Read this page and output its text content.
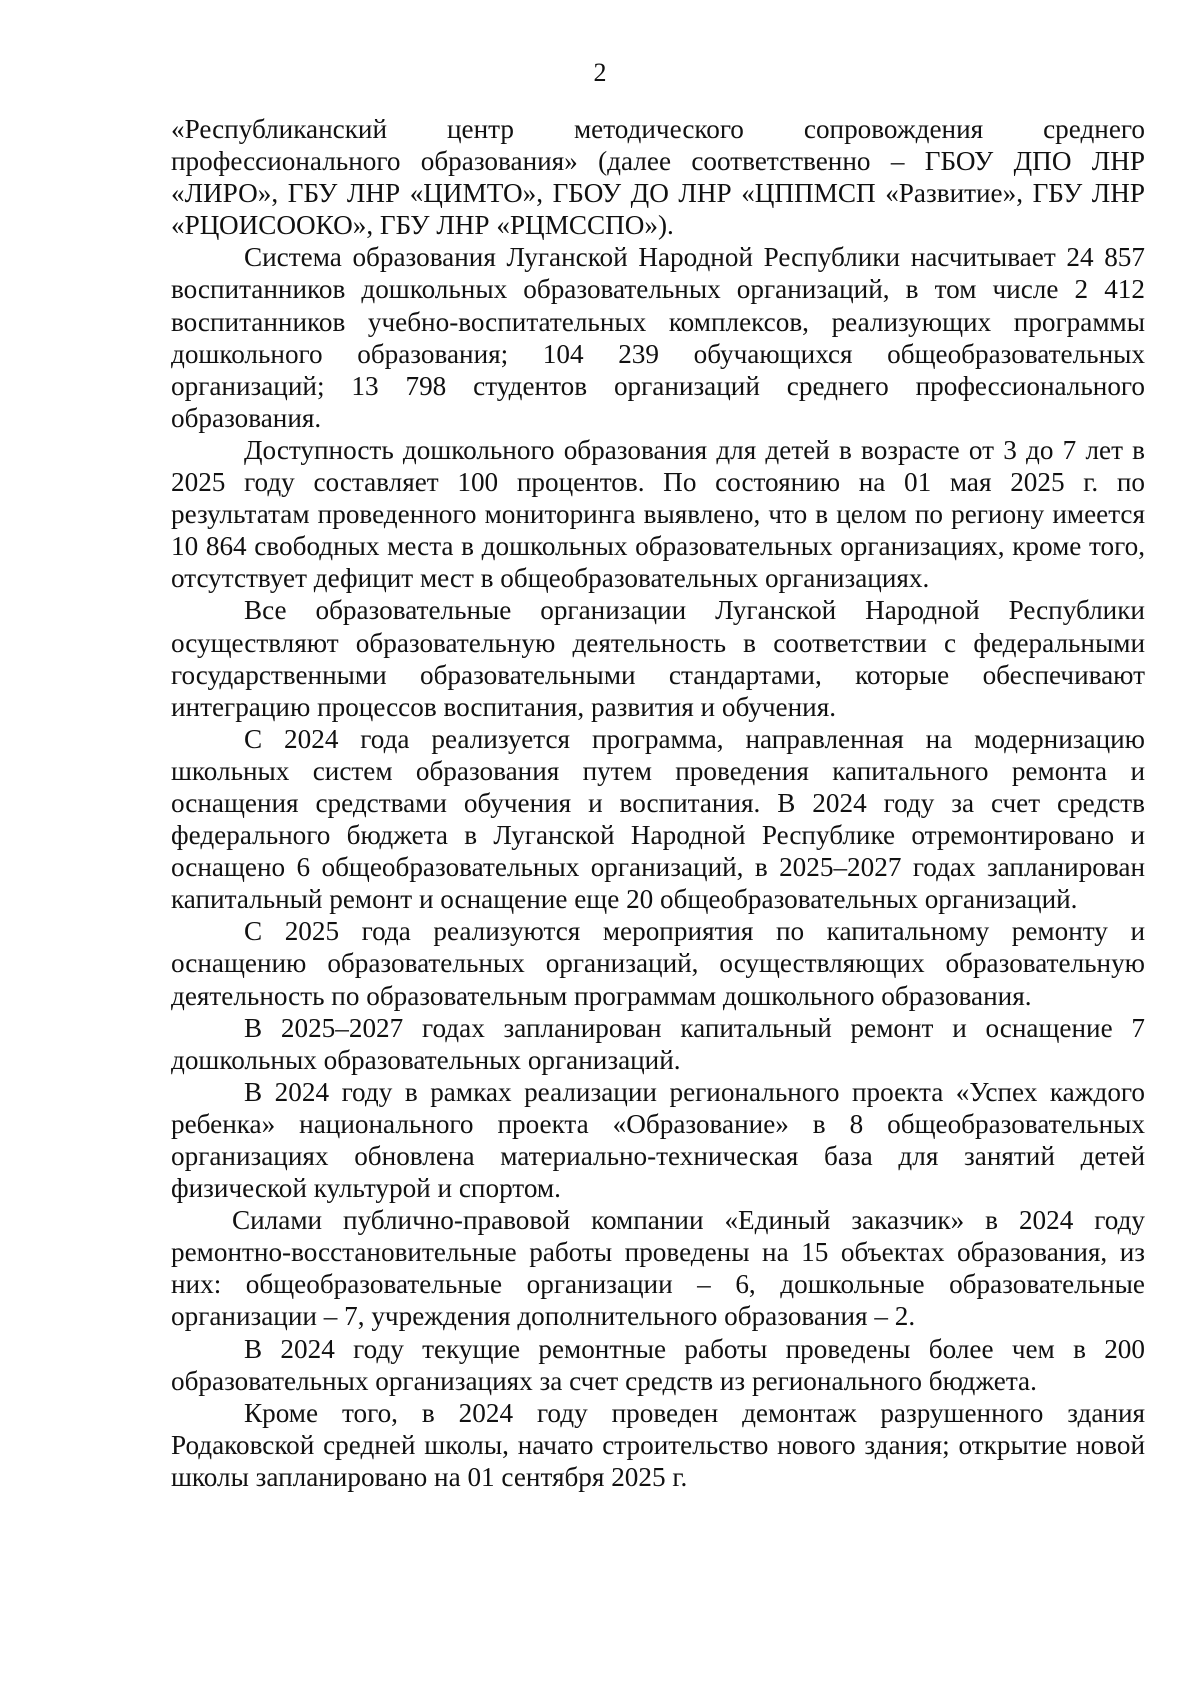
2

«Республиканский центр методического сопровождения среднего профессионального образования» (далее соответственно – ГБОУ ДПО ЛНР «ЛИРО», ГБУ ЛНР «ЦИМТО», ГБОУ ДО ЛНР «ЦППМСП «Развитие», ГБУ ЛНР «РЦОИСООКО», ГБУ ЛНР «РЦМССПО»).

Система образования Луганской Народной Республики насчитывает 24 857 воспитанников дошкольных образовательных организаций, в том числе 2 412 воспитанников учебно-воспитательных комплексов, реализующих программы дошкольного образования; 104 239 обучающихся общеобразовательных организаций; 13 798 студентов организаций среднего профессионального образования.

Доступность дошкольного образования для детей в возрасте от 3 до 7 лет в 2025 году составляет 100 процентов. По состоянию на 01 мая 2025 г. по результатам проведенного мониторинга выявлено, что в целом по региону имеется 10 864 свободных места в дошкольных образовательных организациях, кроме того, отсутствует дефицит мест в общеобразовательных организациях.

Все образовательные организации Луганской Народной Республики осуществляют образовательную деятельность в соответствии с федеральными государственными образовательными стандартами, которые обеспечивают интеграцию процессов воспитания, развития и обучения.

С 2024 года реализуется программа, направленная на модернизацию школьных систем образования путем проведения капитального ремонта и оснащения средствами обучения и воспитания. В 2024 году за счет средств федерального бюджета в Луганской Народной Республике отремонтировано и оснащено 6 общеобразовательных организаций, в 2025–2027 годах запланирован капитальный ремонт и оснащение еще 20 общеобразовательных организаций.

С 2025 года реализуются мероприятия по капитальному ремонту и оснащению образовательных организаций, осуществляющих образовательную деятельность по образовательным программам дошкольного образования.

В 2025–2027 годах запланирован капитальный ремонт и оснащение 7 дошкольных образовательных организаций.

В 2024 году в рамках реализации регионального проекта «Успех каждого ребенка» национального проекта «Образование» в 8 общеобразовательных организациях обновлена материально-техническая база для занятий детей физической культурой и спортом.

Силами публично-правовой компании «Единый заказчик» в 2024 году ремонтно-восстановительные работы проведены на 15 объектах образования, из них: общеобразовательные организации – 6, дошкольные образовательные организации – 7, учреждения дополнительного образования – 2.

В 2024 году текущие ремонтные работы проведены более чем в 200 образовательных организациях за счет средств из регионального бюджета.

Кроме того, в 2024 году проведен демонтаж разрушенного здания Родаковской средней школы, начато строительство нового здания; открытие новой школы запланировано на 01 сентября 2025 г.
